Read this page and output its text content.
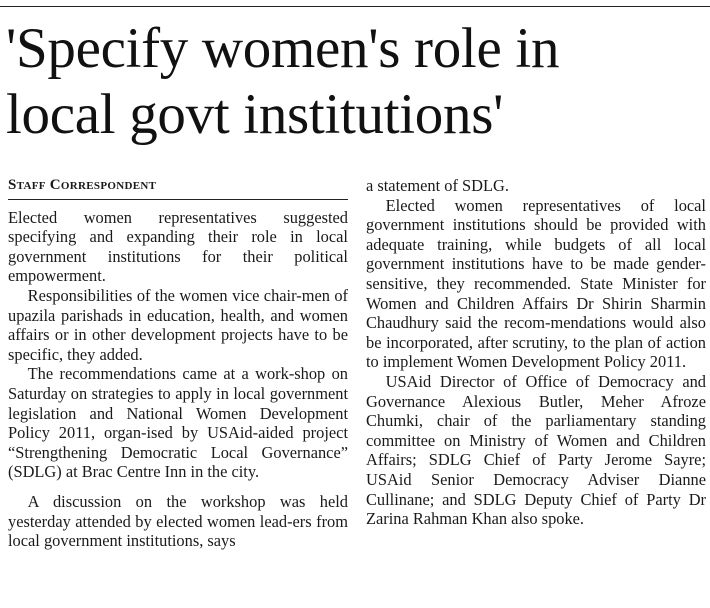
'Specify women's role in
local govt institutions'
Staff Correspondent

Elected women representatives suggested specifying and expanding their role in local government institutions for their political empowerment.

Responsibilities of the women vice chair-men of upazila parishads in education, health, and women affairs or in other development projects have to be specific, they added.

The recommendations came at a work-shop on Saturday on strategies to apply in local government legislation and National Women Development Policy 2011, organ-ised by USAid-aided project “Strengthening Democratic Local Governance” (SDLG) at Brac Centre Inn in the city.

A discussion on the workshop was held yesterday attended by elected women lead-ers from local government institutions, says

a statement of SDLG.

Elected women representatives of local government institutions should be provided with adequate training, while budgets of all local government institutions have to be made gender-sensitive, they recommended. State Minister for Women and Children Affairs Dr Shirin Sharmin Chaudhury said the recom-mendations would also be incorporated, after scrutiny, to the plan of action to implement Women Development Policy 2011.

USAid Director of Office of Democracy and Governance Alexious Butler, Meher Afroze Chumki, chair of the parliamentary standing committee on Ministry of Women and Children Affairs; SDLG Chief of Party Jerome Sayre; USAid Senior Democracy Adviser Dianne Cullinane; and SDLG Deputy Chief of Party Dr Zarina Rahman Khan also spoke.
